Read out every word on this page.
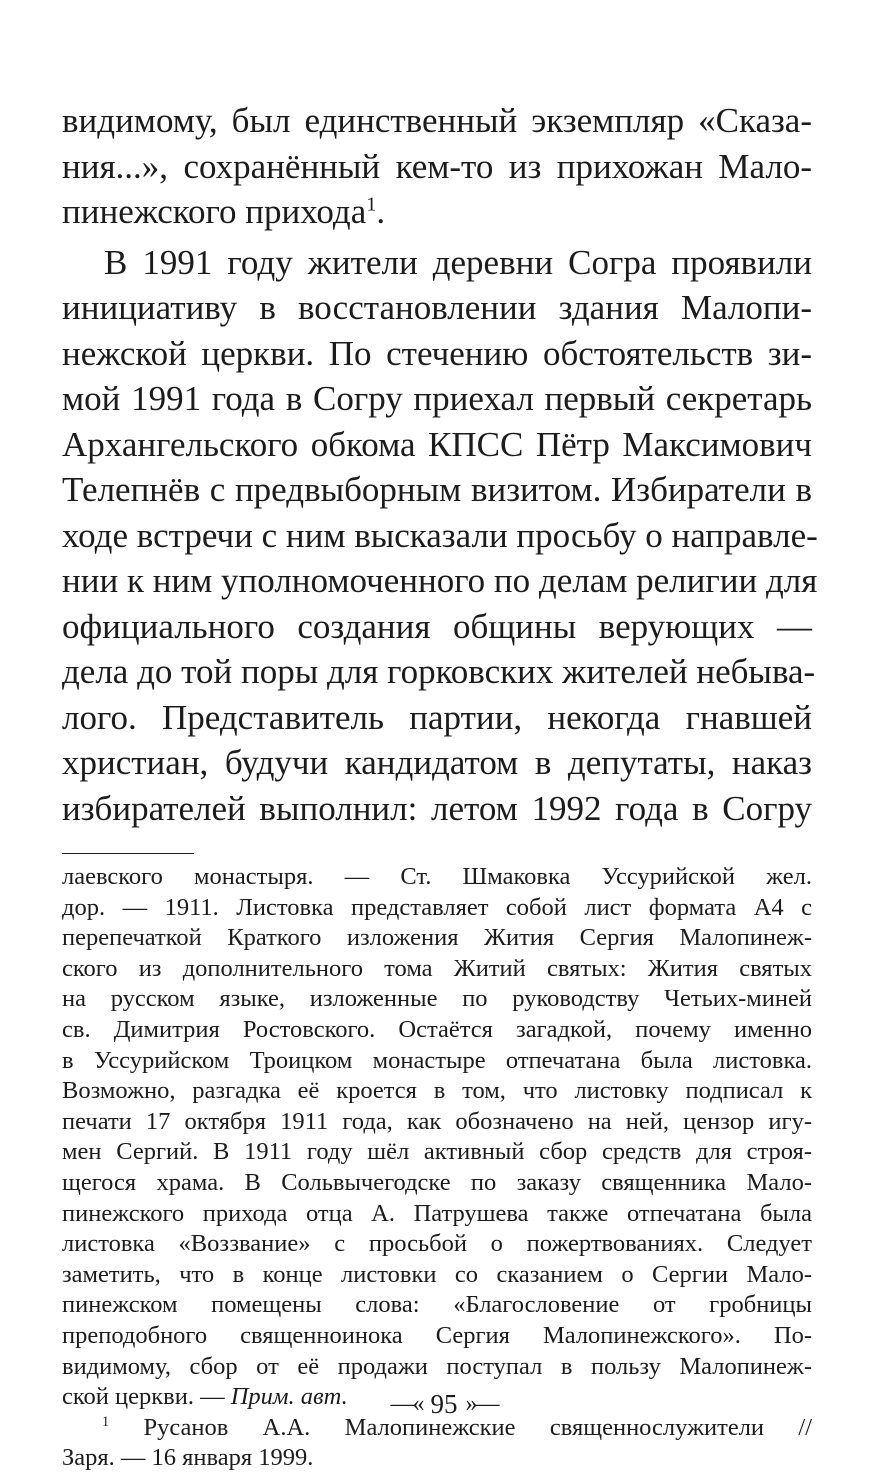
видимому, был единственный экземпляр «Сказа-
ния...», сохранённый кем-то из прихожан Мало-
пинежского прихода$^1$.
В 1991 году жители деревни Согра проявили
инициативу в восстановлении здания Малопи-
нежской церкви. По стечению обстоятельств зи-
мой 1991 года в Согру приехал первый секретарь
Архангельского обкома КПСС Пётр Максимович
Телепнёв с предвыборным визитом. Избиратели в
ходе встречи с ним высказали просьбу о направле-
нии к ним уполномоченного по делам религии для
официального создания общины верующих —
дела до той поры для горковских жителей небыва-
лого. Представитель партии, некогда гнавшей
христиан, будучи кандидатом в депутаты, наказ
избирателей выполнил: летом 1992 года в Согру
лаевского монастыря. — Ст. Шмаковка Уссурийской жел.
дор. — 1911. Листовка представляет собой лист формата А4 с
перепечаткой Краткого изложения Жития Сергия Малопинеж-
ского из дополнительного тома Житий святых: Жития святых
на русском языке, изложенные по руководству Четьих-миней
св. Димитрия Ростовского. Остаётся загадкой, почему именно
в Уссурийском Троицком монастыре отпечатана была листовка.
Возможно, разгадка её кроется в том, что листовку подписал к
печати 17 октября 1911 года, как обозначено на ней, цензор игу-
мен Сергий. В 1911 году шёл активный сбор средств для строя-
щегося храма. В Сольвычегодске по заказу священника Мало-
пинежского прихода отца А. Патрушева также отпечатана была
листовка «Воззвание» с просьбой о пожертвованиях. Следует
заметить, что в конце листовки со сказанием о Сергии Мало-
пинежском помещены слова: «Благословение от гробницы
преподобного священноинока Сергия Малопинежского». По-
видимому, сбор от её продажи поступал в пользу Малопинеж-
ской церкви. — Прим. авт.
$^1$ Русанов А.А. Малопинежские священнослужители //
Заря. — 16 января 1999.
—« 95 »—
